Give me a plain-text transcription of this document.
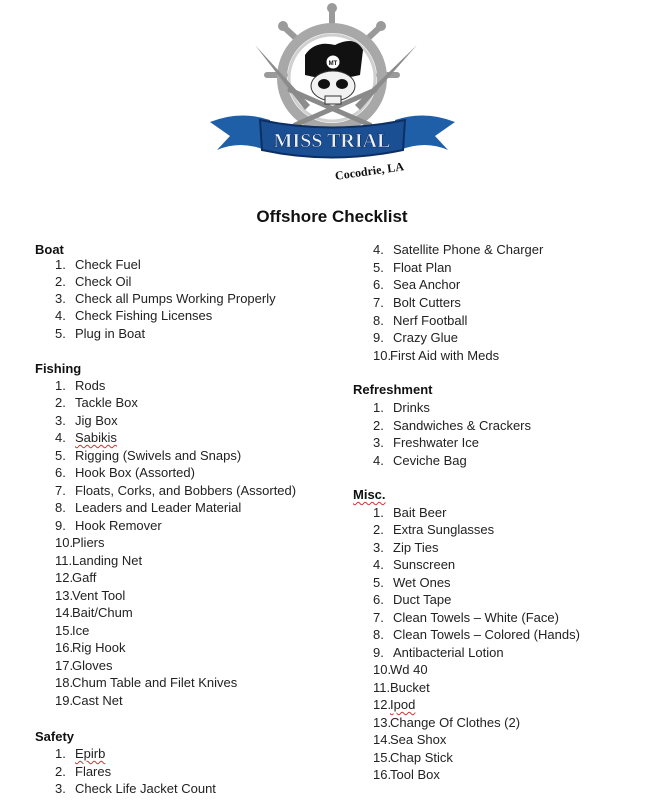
MT
MISS TRIAL
Cocodrie, LA
Offshore Checklist
Boat
1. Check Fuel
2. Check Oil
3. Check all Pumps Working Properly
4. Check Fishing Licenses
5. Plug in Boat
Fishing
1. Rods
2. Tackle Box
3. Jig Box
4. Sabikis
5. Rigging (Swivels and Snaps)
6. Hook Box (Assorted)
7. Floats, Corks, and Bobbers (Assorted)
8. Leaders and Leader Material
9. Hook Remover
10.Pliers
11.Landing Net
12.Gaff
13.Vent Tool
14.Bait/Chum
15.Ice
16.Rig Hook
17.Gloves
18.Chum Table and Filet Knives
19.Cast Net
Safety
1. Epirb
2. Flares
3. Check Life Jacket Count
4. Satellite Phone & Charger
5. Float Plan
6. Sea Anchor
7. Bolt Cutters
8. Nerf Football
9. Crazy Glue
10.First Aid with Meds
Refreshment
1. Drinks
2. Sandwiches & Crackers
3. Freshwater Ice
4. Ceviche Bag
Misc.
1. Bait Beer
2. Extra Sunglasses
3. Zip Ties
4. Sunscreen
5. Wet Ones
6. Duct Tape
7. Clean Towels – White (Face)
8. Clean Towels – Colored (Hands)
9. Antibacterial Lotion
10.Wd 40
11.Bucket
12.Ipod
13.Change Of Clothes (2)
14.Sea Shox
15.Chap Stick
16.Tool Box
